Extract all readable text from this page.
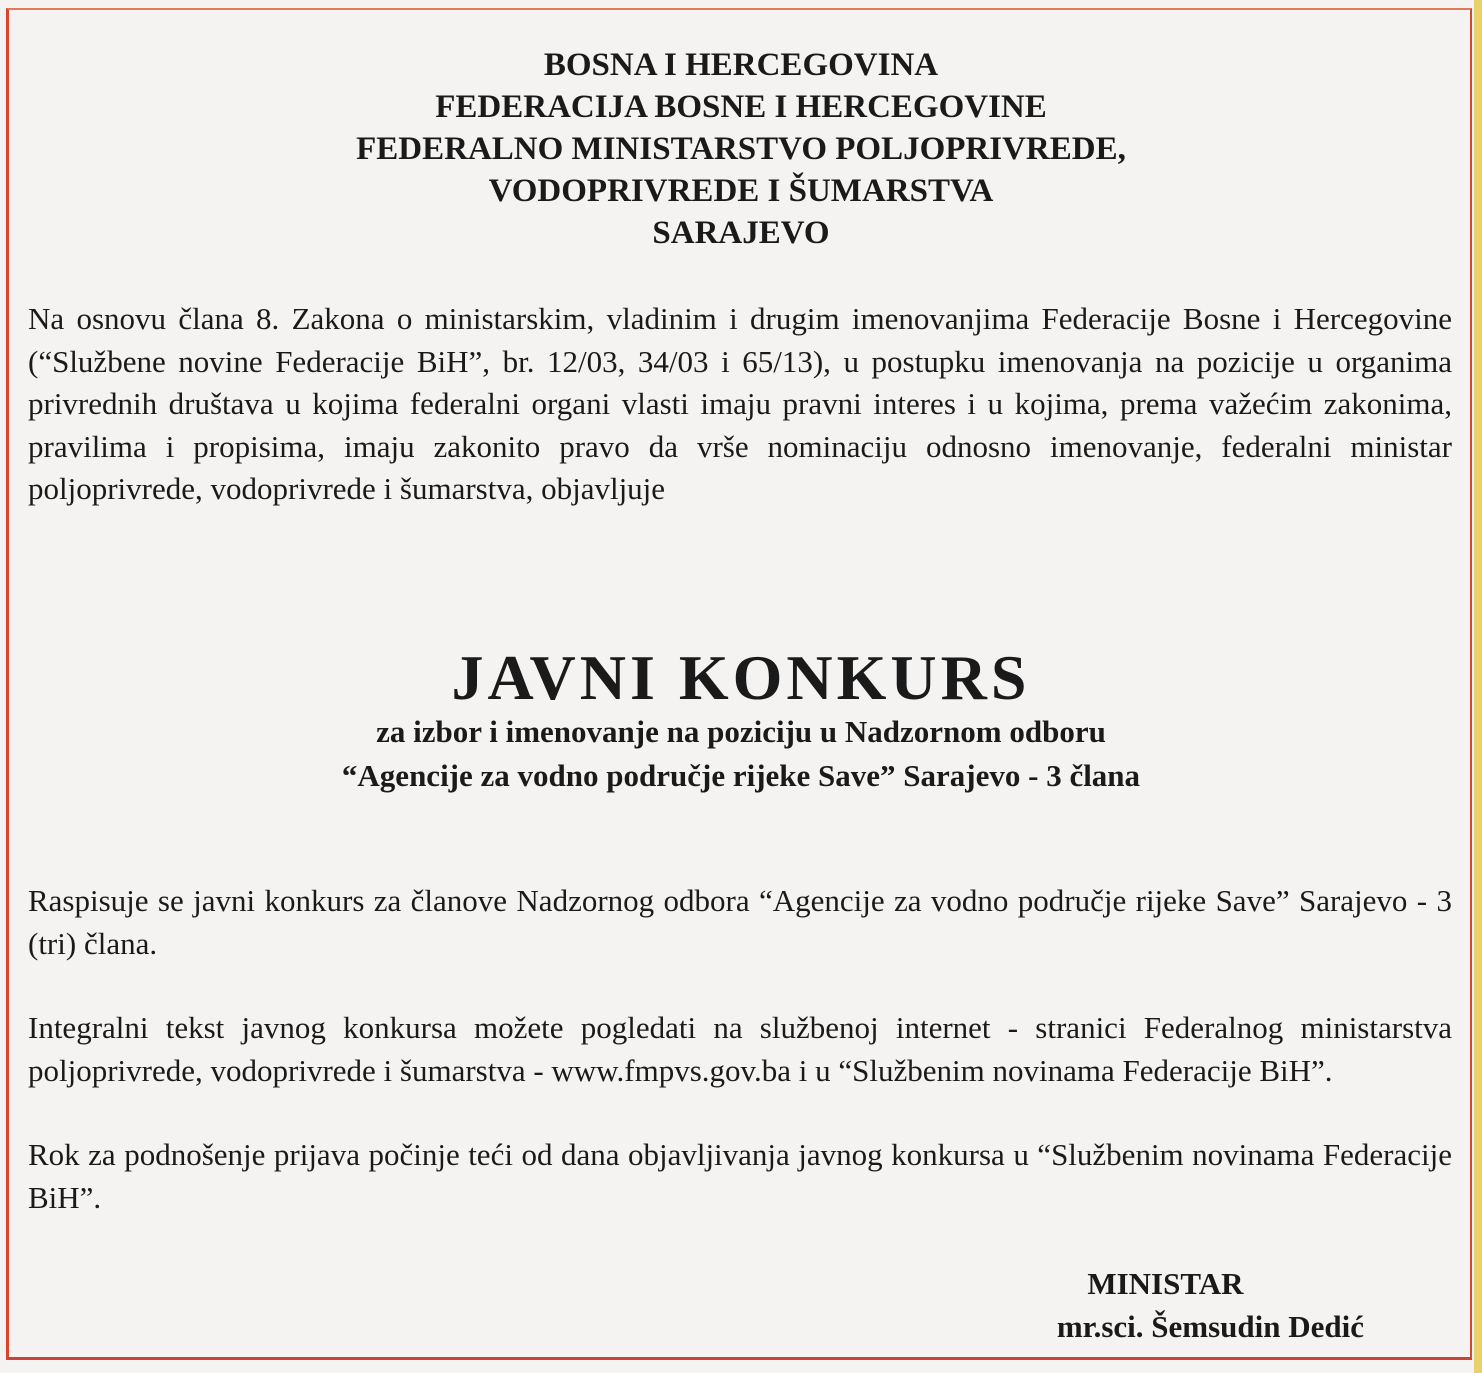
BOSNA I HERCEGOVINA
FEDERACIJA BOSNE I HERCEGOVINE
FEDERALNO MINISTARSTVO POLJOPRIVREDE,
VODOPRIVREDE I ŠUMARSTVA
SARAJEVO
Na osnovu člana 8. Zakona o ministarskim, vladinim i drugim imenovanjima Federacije Bosne i Hercegovine (“Službene novine Federacije BiH”, br. 12/03, 34/03 i 65/13), u postupku imenovanja na pozicije u organima privrednih društava u kojima federalni organi vlasti imaju pravni interes i u kojima, prema važećim zakonima, pravilima i propisima, imaju zakonito pravo da vrše nominaciju odnosno imenovanje, federalni ministar poljoprivrede, vodoprivrede i šumarstva, objavljuje
JAVNI KONKURS
za izbor i imenovanje na poziciju u Nadzornom odboru
“Agencije za vodno područje rijeke Save” Sarajevo - 3 člana
Raspisuje se javni konkurs za članove Nadzornog odbora “Agencije za vodno područje rijeke Save” Sarajevo - 3 (tri) člana.
Integralni tekst javnog konkursa možete pogledati na službenoj internet - stranici Federalnog ministarstva poljoprivrede, vodoprivrede i šumarstva - www.fmpvs.gov.ba i u “Službenim novinama Federacije BiH”.
Rok za podnošenje prijava počinje teći od dana objavljivanja javnog konkursa u “Službenim novinama Federacije BiH”.
MINISTAR
mr.sci. Šemsudin Dedić
